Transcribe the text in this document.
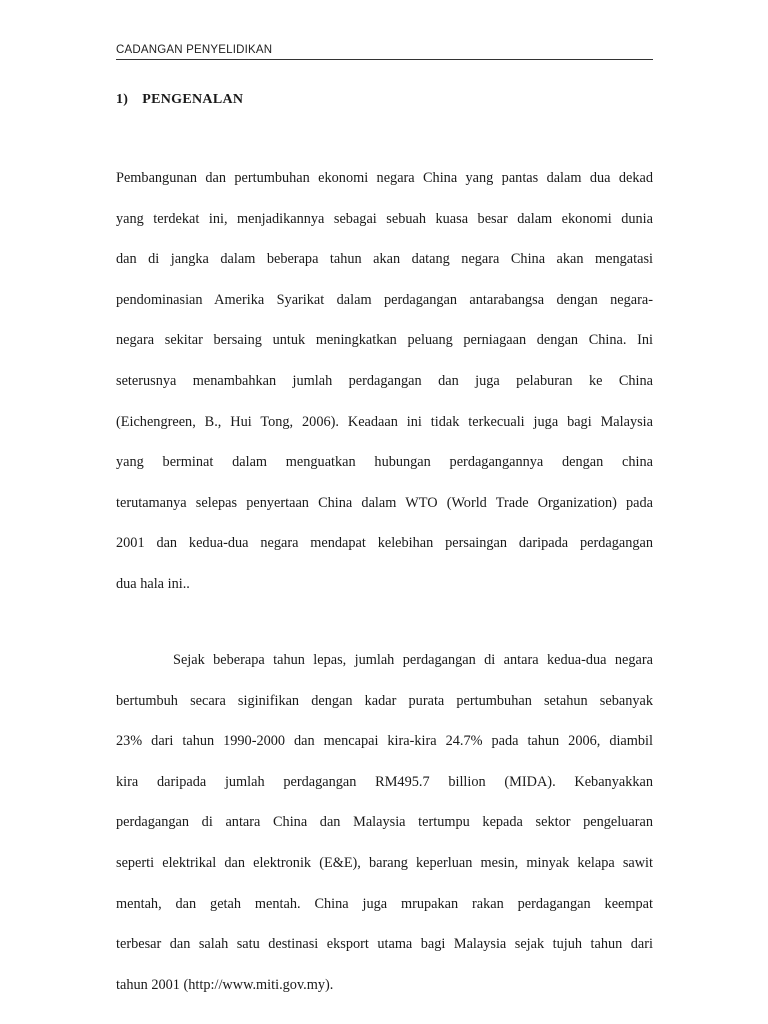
CADANGAN PENYELIDIKAN
1) PENGENALAN
Pembangunan dan pertumbuhan ekonomi negara China yang pantas dalam dua dekad
yang terdekat ini, menjadikannya sebagai sebuah kuasa besar dalam ekonomi dunia
dan di jangka dalam beberapa tahun akan datang negara China akan mengatasi
pendominasian Amerika Syarikat dalam perdagangan antarabangsa dengan negara-
negara sekitar bersaing untuk meningkatkan peluang perniagaan dengan China. Ini
seterusnya menambahkan jumlah perdagangan dan juga pelaburan ke China
(Eichengreen, B., Hui Tong, 2006). Keadaan ini tidak terkecuali juga bagi Malaysia
yang berminat dalam menguatkan hubungan perdagangannya dengan china
terutamanya selepas penyertaan China dalam WTO (World Trade Organization) pada
2001 dan kedua-dua negara mendapat kelebihan persaingan daripada perdagangan
dua hala ini..
Sejak beberapa tahun lepas, jumlah perdagangan di antara kedua-dua negara
bertumbuh secara siginifikan dengan kadar purata pertumbuhan setahun sebanyak
23% dari tahun 1990-2000 dan mencapai kira-kira 24.7% pada tahun 2006, diambil
kira daripada jumlah perdagangan RM495.7 billion (MIDA). Kebanyakkan
perdagangan di antara China dan Malaysia tertumpu kepada sektor pengeluaran
seperti elektrikal dan elektronik (E&E), barang keperluan mesin, minyak kelapa sawit
mentah, dan getah mentah. China juga mrupakan rakan perdagangan keempat
terbesar dan salah satu destinasi eksport utama bagi Malaysia sejak tujuh tahun dari
tahun 2001 (http://www.miti.gov.my).
